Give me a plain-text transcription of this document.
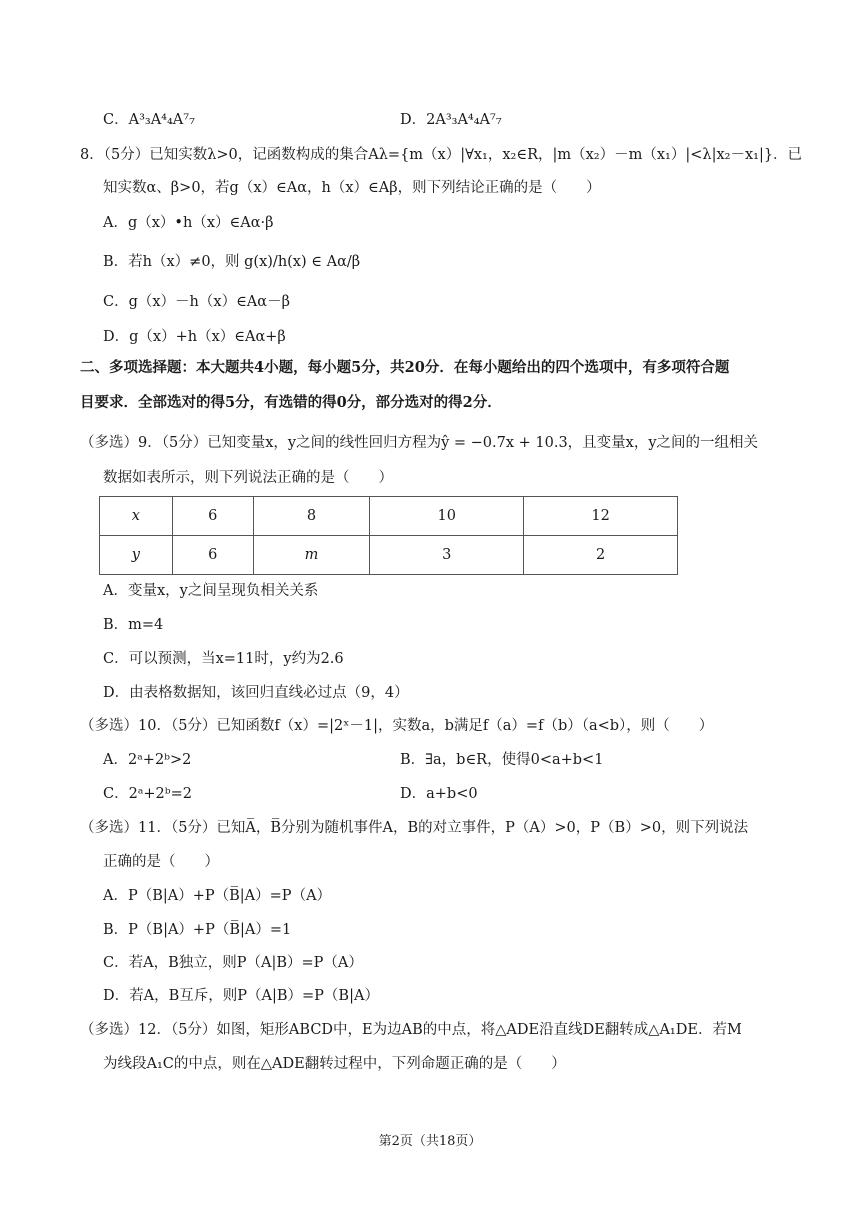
C．A³₃A⁴₄A⁷₇	D．2A³₃A⁴₄A⁷₇
8．（5分）已知实数λ>0，记函数构成的集合Aλ={m（x）|∀x₁，x₂∈R，|m（x₂）－m（x₁）|<λ|x₂－x₁|}．已
知实数α、β>0，若g（x）∈Aα，h（x）∈Aβ，则下列结论正确的是（　　）
A．g（x）•h（x）∈Aα·β
B．若h（x）≠0，则 g(x)/h(x) ∈ Aα/β
C．g（x）－h（x）∈Aα－β
D．g（x）+h（x）∈Aα+β
二、多项选择题：本大题共4小题，每小题5分，共20分．在每小题给出的四个选项中，有多项符合题
目要求．全部选对的得5分，有选错的得0分，部分选对的得2分．
（多选）9．（5分）已知变量x，y之间的线性回归方程为ŷ = −0.7x + 10.3，且变量x，y之间的一组相关
数据如表所示，则下列说法正确的是（　　）
x	6	8	10	12
y	6	m	3	2
A．变量x，y之间呈现负相关关系
B．m=4
C．可以预测，当x=11时，y约为2.6
D．由表格数据知，该回归直线必过点（9，4）
（多选）10．（5分）已知函数f（x）=|2ˣ－1|，实数a，b满足f（a）=f（b）（a<b），则（　　）
A．2ᵃ+2ᵇ>2	B．∃a，b∈R，使得0<a+b<1
C．2ᵃ+2ᵇ=2	D．a+b<0
（多选）11．（5分）已知A̅，B̅分别为随机事件A，B的对立事件，P（A）>0，P（B）>0，则下列说法
正确的是（　　）
A．P（B|A）+P（B̅|A）=P（A）
B．P（B|A）+P（B̅|A）=1
C．若A，B独立，则P（A|B）=P（A）
D．若A，B互斥，则P（A|B）=P（B|A）
（多选）12．（5分）如图，矩形ABCD中，E为边AB的中点，将△ADE沿直线DE翻转成△A₁DE．若M
为线段A₁C的中点，则在△ADE翻转过程中，下列命题正确的是（　　）
第2页（共18页）
